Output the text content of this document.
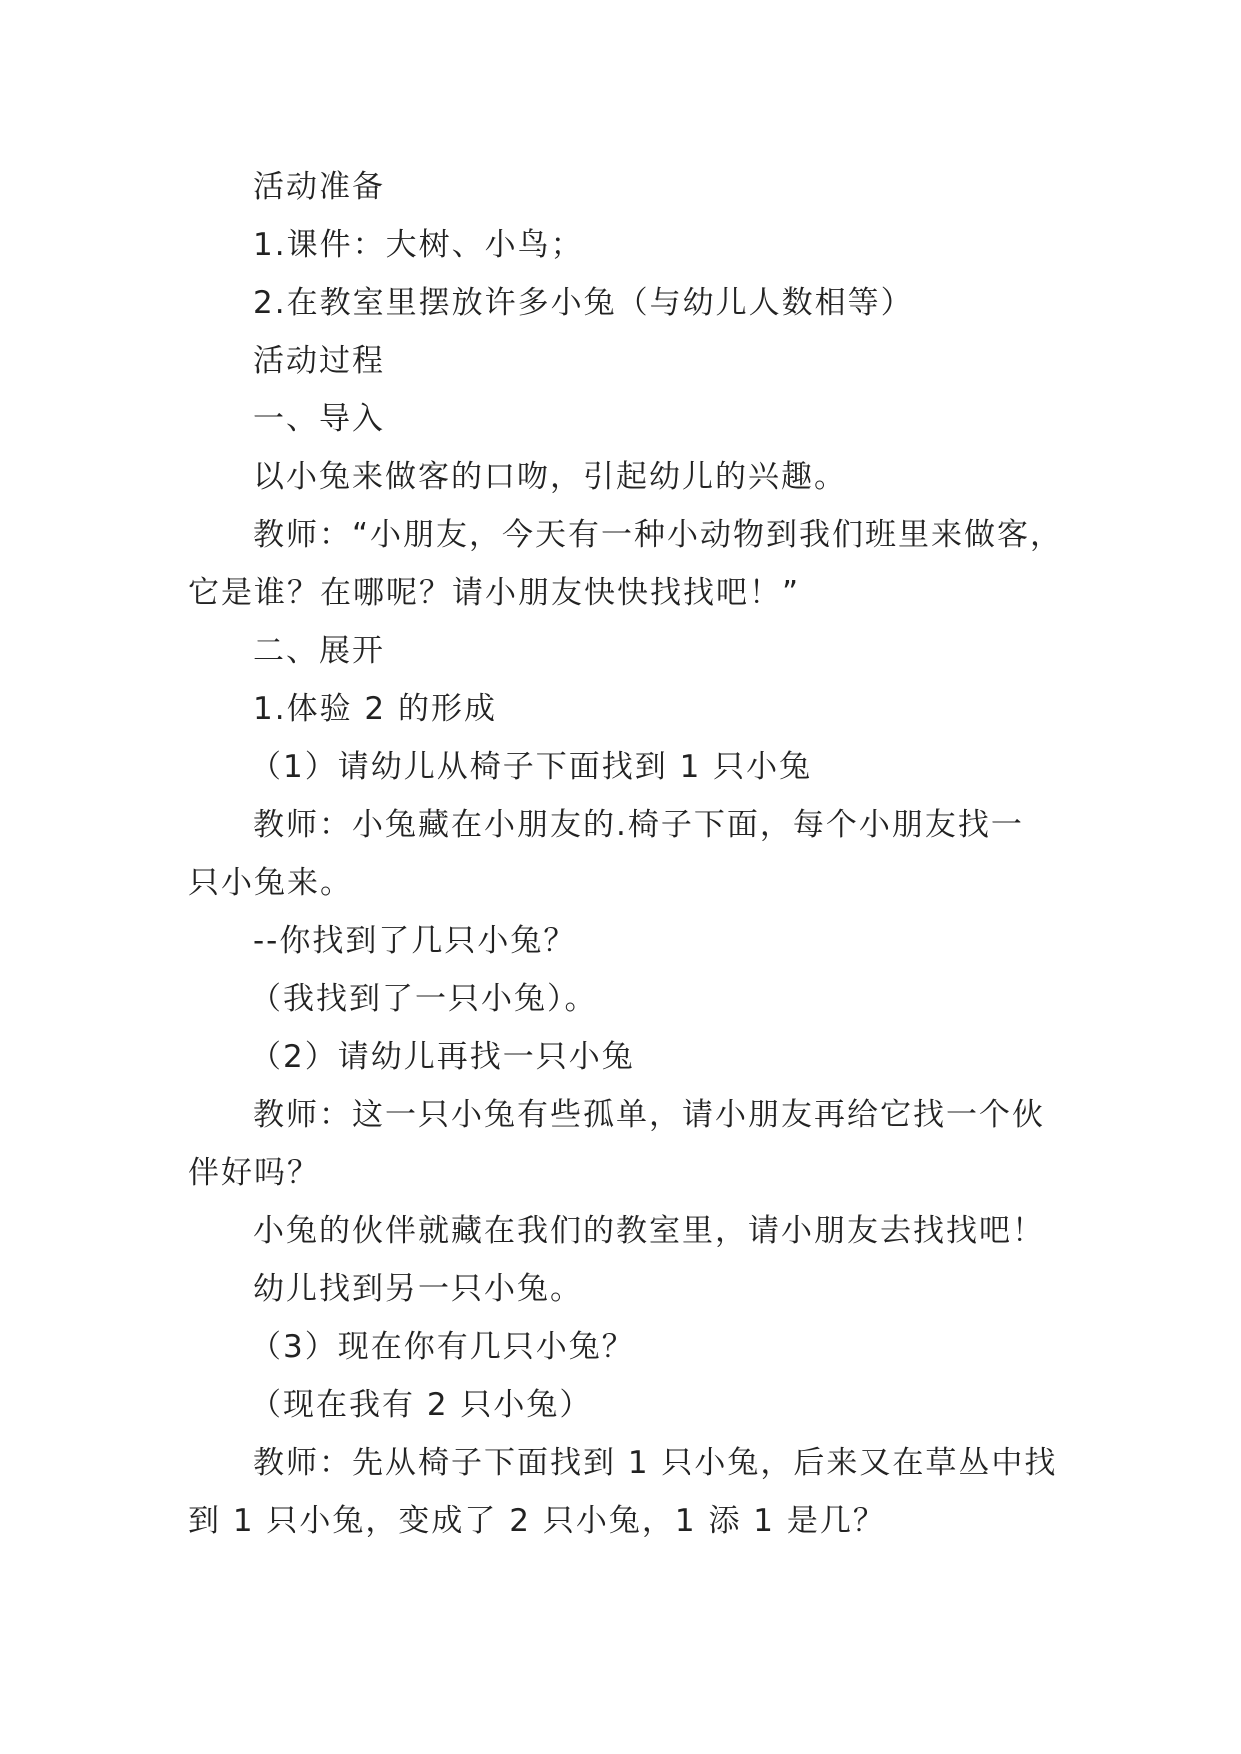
活动准备
1.课件：大树、小鸟；
2.在教室里摆放许多小兔（与幼儿人数相等）
活动过程
一、导入
以小兔来做客的口吻，引起幼儿的兴趣。
教师：“小朋友，今天有一种小动物到我们班里来做客，
它是谁？在哪呢？请小朋友快快找找吧！”
二、展开
1.体验 2 的形成
（1）请幼儿从椅子下面找到 1 只小兔
教师：小兔藏在小朋友的.椅子下面，每个小朋友找一
只小兔来。
--你找到了几只小兔？
（我找到了一只小兔）。
（2）请幼儿再找一只小兔
教师：这一只小兔有些孤单，请小朋友再给它找一个伙
伴好吗？
小兔的伙伴就藏在我们的教室里，请小朋友去找找吧！
幼儿找到另一只小兔。
（3）现在你有几只小兔？
（现在我有 2 只小兔）
教师：先从椅子下面找到 1 只小兔，后来又在草丛中找
到 1 只小兔，变成了 2 只小兔，1 添 1 是几？
